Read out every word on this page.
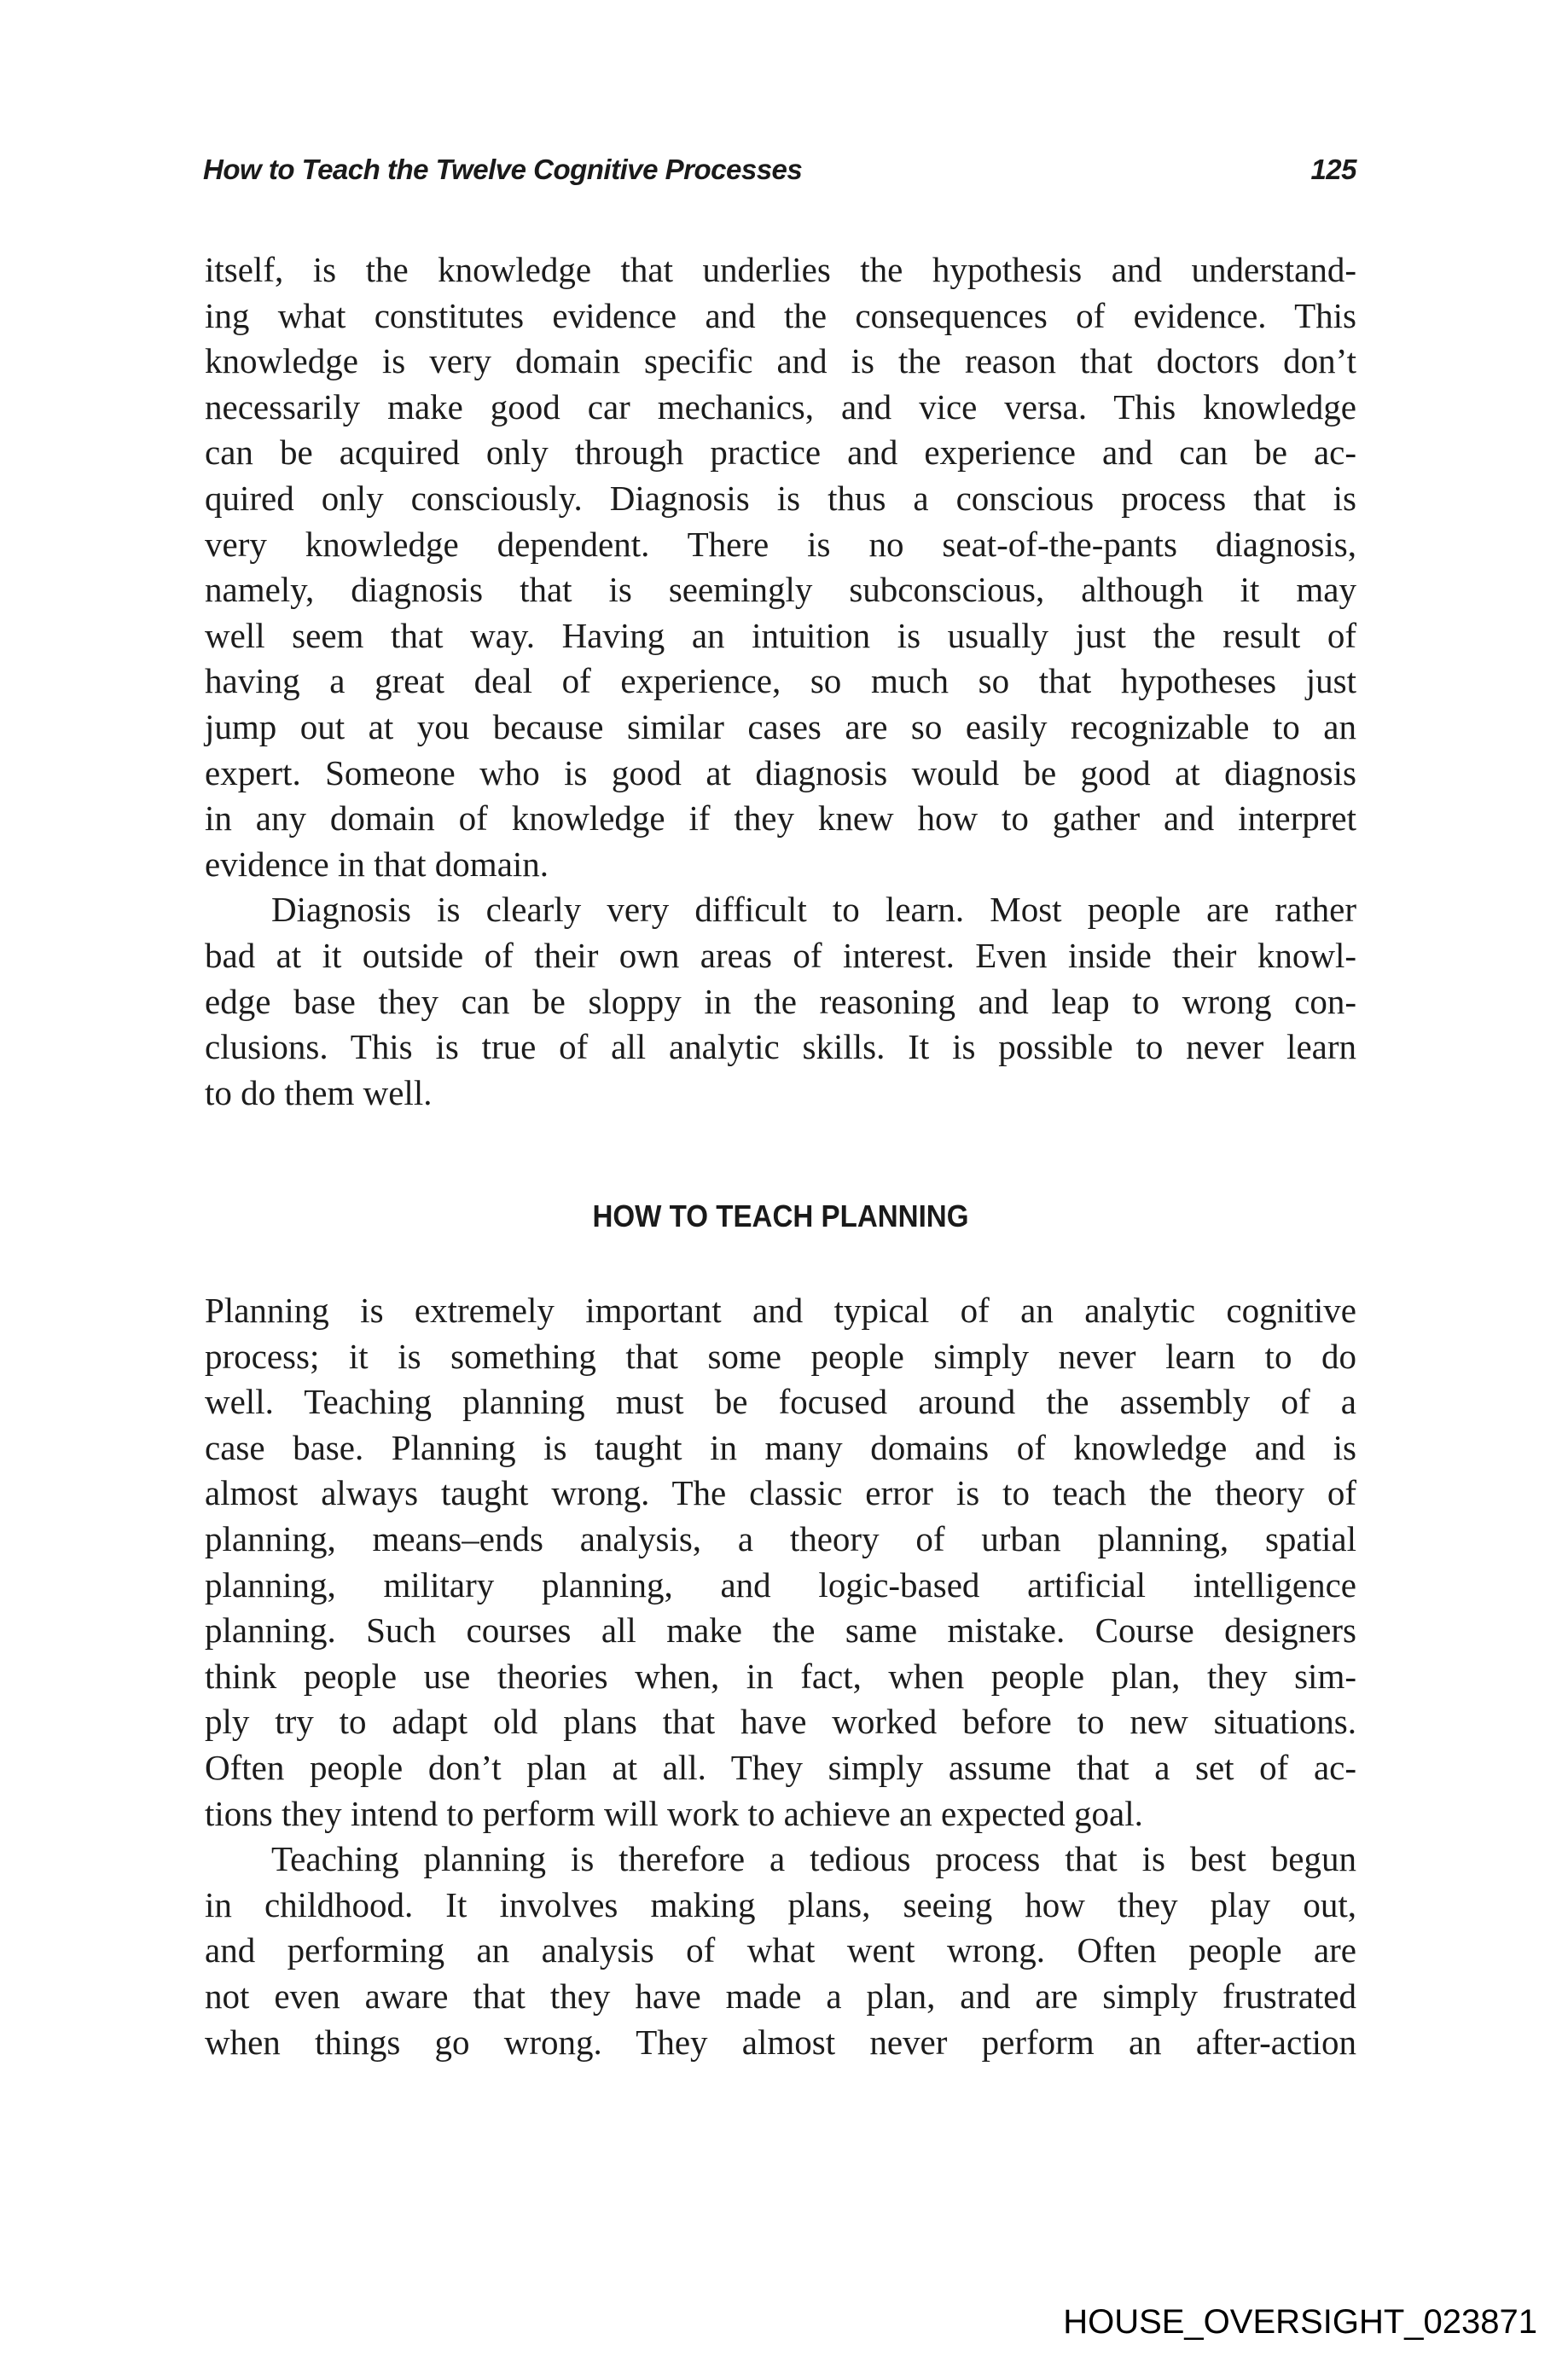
How to Teach the Twelve Cognitive Processes	125
itself, is the knowledge that underlies the hypothesis and understand-
ing what constitutes evidence and the consequences of evidence. This
knowledge is very domain specific and is the reason that doctors don’t
necessarily make good car mechanics, and vice versa. This knowledge
can be acquired only through practice and experience and can be ac-
quired only consciously. Diagnosis is thus a conscious process that is
very knowledge dependent. There is no seat-of-the-pants diagnosis,
namely, diagnosis that is seemingly subconscious, although it may
well seem that way. Having an intuition is usually just the result of
having a great deal of experience, so much so that hypotheses just
jump out at you because similar cases are so easily recognizable to an
expert. Someone who is good at diagnosis would be good at diagnosis
in any domain of knowledge if they knew how to gather and interpret
evidence in that domain.
Diagnosis is clearly very difficult to learn. Most people are rather
bad at it outside of their own areas of interest. Even inside their knowl-
edge base they can be sloppy in the reasoning and leap to wrong con-
clusions. This is true of all analytic skills. It is possible to never learn
to do them well.
HOW TO TEACH PLANNING
Planning is extremely important and typical of an analytic cognitive
process; it is something that some people simply never learn to do
well. Teaching planning must be focused around the assembly of a
case base. Planning is taught in many domains of knowledge and is
almost always taught wrong. The classic error is to teach the theory of
planning, means–ends analysis, a theory of urban planning, spatial
planning, military planning, and logic-based artificial intelligence
planning. Such courses all make the same mistake. Course designers
think people use theories when, in fact, when people plan, they sim-
ply try to adapt old plans that have worked before to new situations.
Often people don’t plan at all. They simply assume that a set of ac-
tions they intend to perform will work to achieve an expected goal.
Teaching planning is therefore a tedious process that is best begun
in childhood. It involves making plans, seeing how they play out,
and performing an analysis of what went wrong. Often people are
not even aware that they have made a plan, and are simply frustrated
when things go wrong. They almost never perform an after-action
HOUSE_OVERSIGHT_023871
